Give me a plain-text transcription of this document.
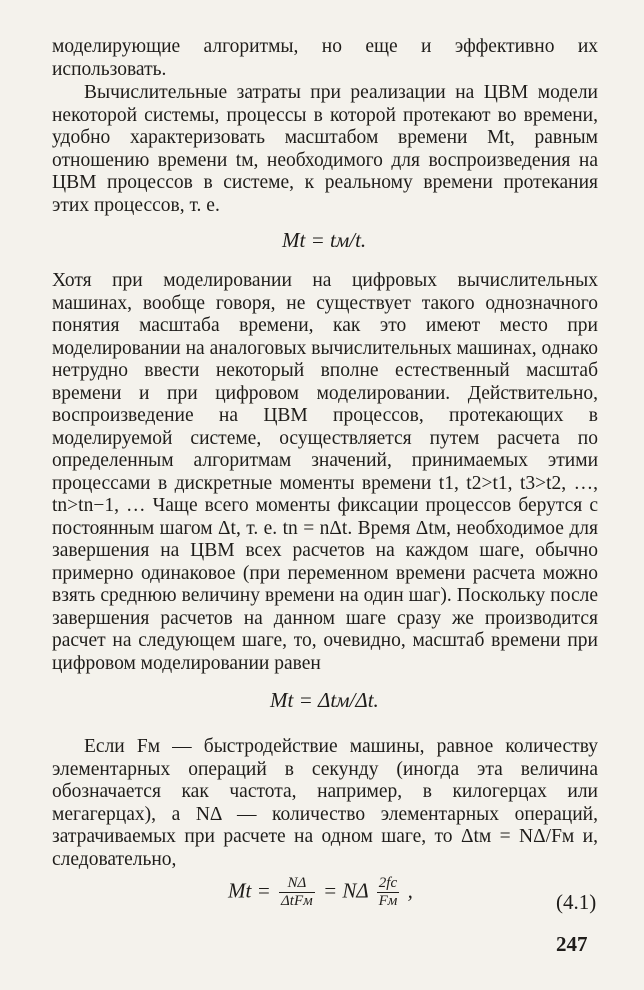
моделирующие алгоритмы, но еще и эффективно их использовать.

Вычислительные затраты при реализации на ЦВМ модели некоторой системы, процессы в которой протекают во времени, удобно характеризовать масштабом времени Mt, равным отношению времени tм, необходимого для воспроизведения на ЦВМ процессов в системе, к реальному времени протекания этих процессов, т. е.

Mt = tм/t.

Хотя при моделировании на цифровых вычислительных машинах, вообще говоря, не существует такого однозначного понятия масштаба времени, как это имеют место при моделировании на аналоговых вычислительных машинах, однако нетрудно ввести некоторый вполне естественный масштаб времени и при цифровом моделировании. Действительно, воспроизведение на ЦВМ процессов, протекающих в моделируемой системе, осуществляется путем расчета по определенным алгоритмам значений, принимаемых этими процессами в дискретные моменты времени t1, t2>t1, t3>t2, …, tn>tn−1, … Чаще всего моменты фиксации процессов берутся с постоянным шагом Δt, т. е. tn = nΔt. Время Δtм, необходимое для завершения на ЦВМ всех расчетов на каждом шаге, обычно примерно одинаковое (при переменном времени расчета можно взять среднюю величину времени на один шаг). Поскольку после завершения расчетов на данном шаге сразу же производится расчет на следующем шаге, то, очевидно, масштаб времени при цифровом моделировании равен

Mt = Δtм/Δt.

Если Fм — быстродействие машины, равное количеству элементарных операций в секунду (иногда эта величина обозначается как частота, например, в килогерцах или мегагерцах), а NΔ — количество элементарных операций, затрачиваемых при расчете на одном шаге, то Δtм = NΔ/Fм и, следовательно,

$Mt = \frac{N\Delta}{\text{ΔtFм}} = N\Delta \frac{2fc}{Fм}$ ,	(4.1)
247
